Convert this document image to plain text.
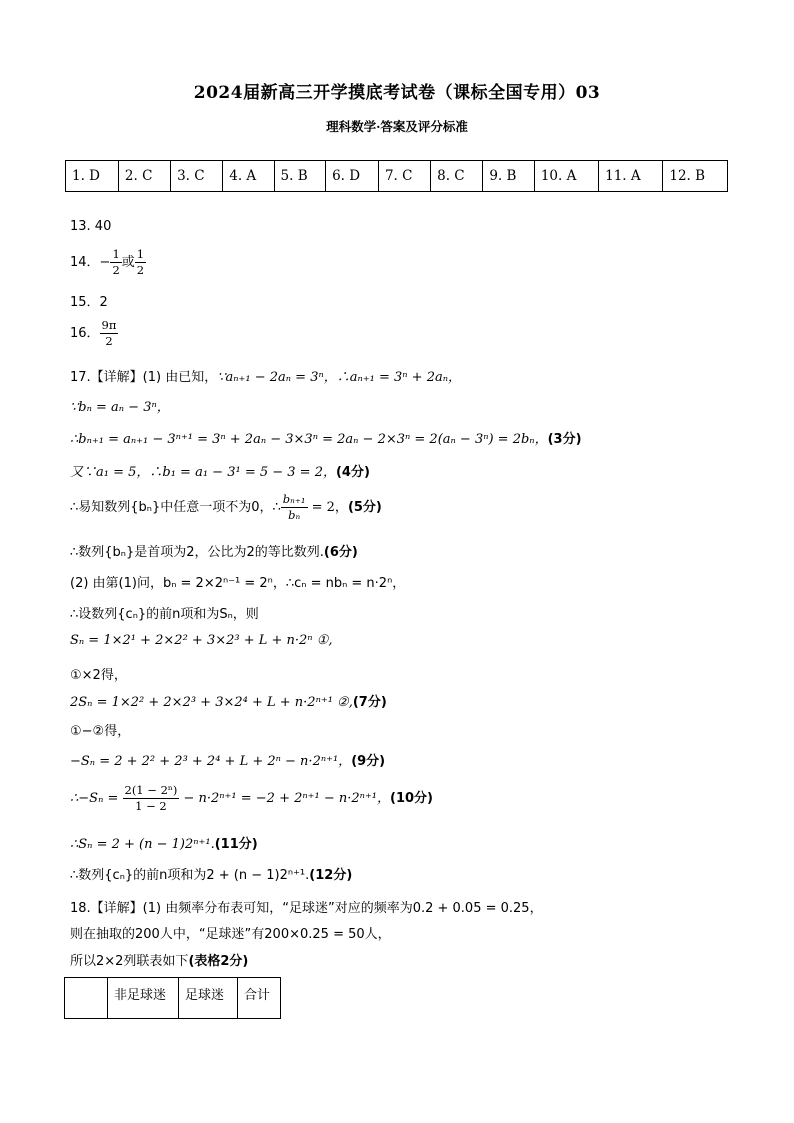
2024届新高三开学摸底考试卷（课标全国专用）03
理科数学·答案及评分标准
1. D	2. C	3. C	4. A	5. B	6. D	7. C	8. C	9. B	10. A	11. A	12. B
13. 40
14．− $\frac{1}{2}$ 或 $\frac{1}{2}$
15．2
16． $\frac{9\pi}{2}$
17.【详解】(1) 由已知，∵aₙ₊₁ − 2aₙ = 3ⁿ，∴aₙ₊₁ = 3ⁿ + 2aₙ，
∵bₙ = aₙ − 3ⁿ，
∴bₙ₊₁ = aₙ₊₁ − 3ⁿ⁺¹ = 3ⁿ + 2aₙ − 3×3ⁿ = 2aₙ − 2×3ⁿ = 2(aₙ − 3ⁿ) = 2bₙ，(3分)
又∵a₁ = 5，∴b₁ = a₁ − 3¹ = 5 − 3 = 2，(4分)
∴易知数列{bₙ}中任意一项不为0，∴ $\frac{\text{bₙ₊₁}}{\text{bₙ}} = 2$，(5分)
∴数列{bₙ}是首项为2，公比为2的等比数列.(6分)
(2) 由第(1)问，bₙ = 2×2ⁿ⁻¹ = 2ⁿ，∴cₙ = nbₙ = n·2ⁿ，
∴设数列{cₙ}的前n项和为Sₙ，则
Sₙ = 1×2¹ + 2×2² + 3×2³ + L + n·2ⁿ ①,
①×2得，
2Sₙ = 1×2² + 2×2³ + 3×2⁴ + L + n·2ⁿ⁺¹ ②,(7分)
①−②得，
−Sₙ = 2 + 2² + 2³ + 2⁴ + L + 2ⁿ − n·2ⁿ⁺¹，(9分)
∴−Sₙ = $\frac{\text{2(1 − 2ⁿ)}}{1 - 2} - n\cdot 2^{n+1} = -2 + 2^{n+1} - n\cdot 2^{n+1}$，(10分)
∴Sₙ = 2 + (n − 1)2ⁿ⁺¹.(11分)
∴数列{cₙ}的前n项和为2 + (n − 1)2ⁿ⁺¹.(12分)
18.【详解】(1) 由频率分布表可知，“足球迷”对应的频率为0.2 + 0.05 = 0.25，
则在抽取的200人中，“足球迷”有200×0.25 = 50人，
所以2×2列联表如下(表格2分)
	非足球迷	足球迷	合计
